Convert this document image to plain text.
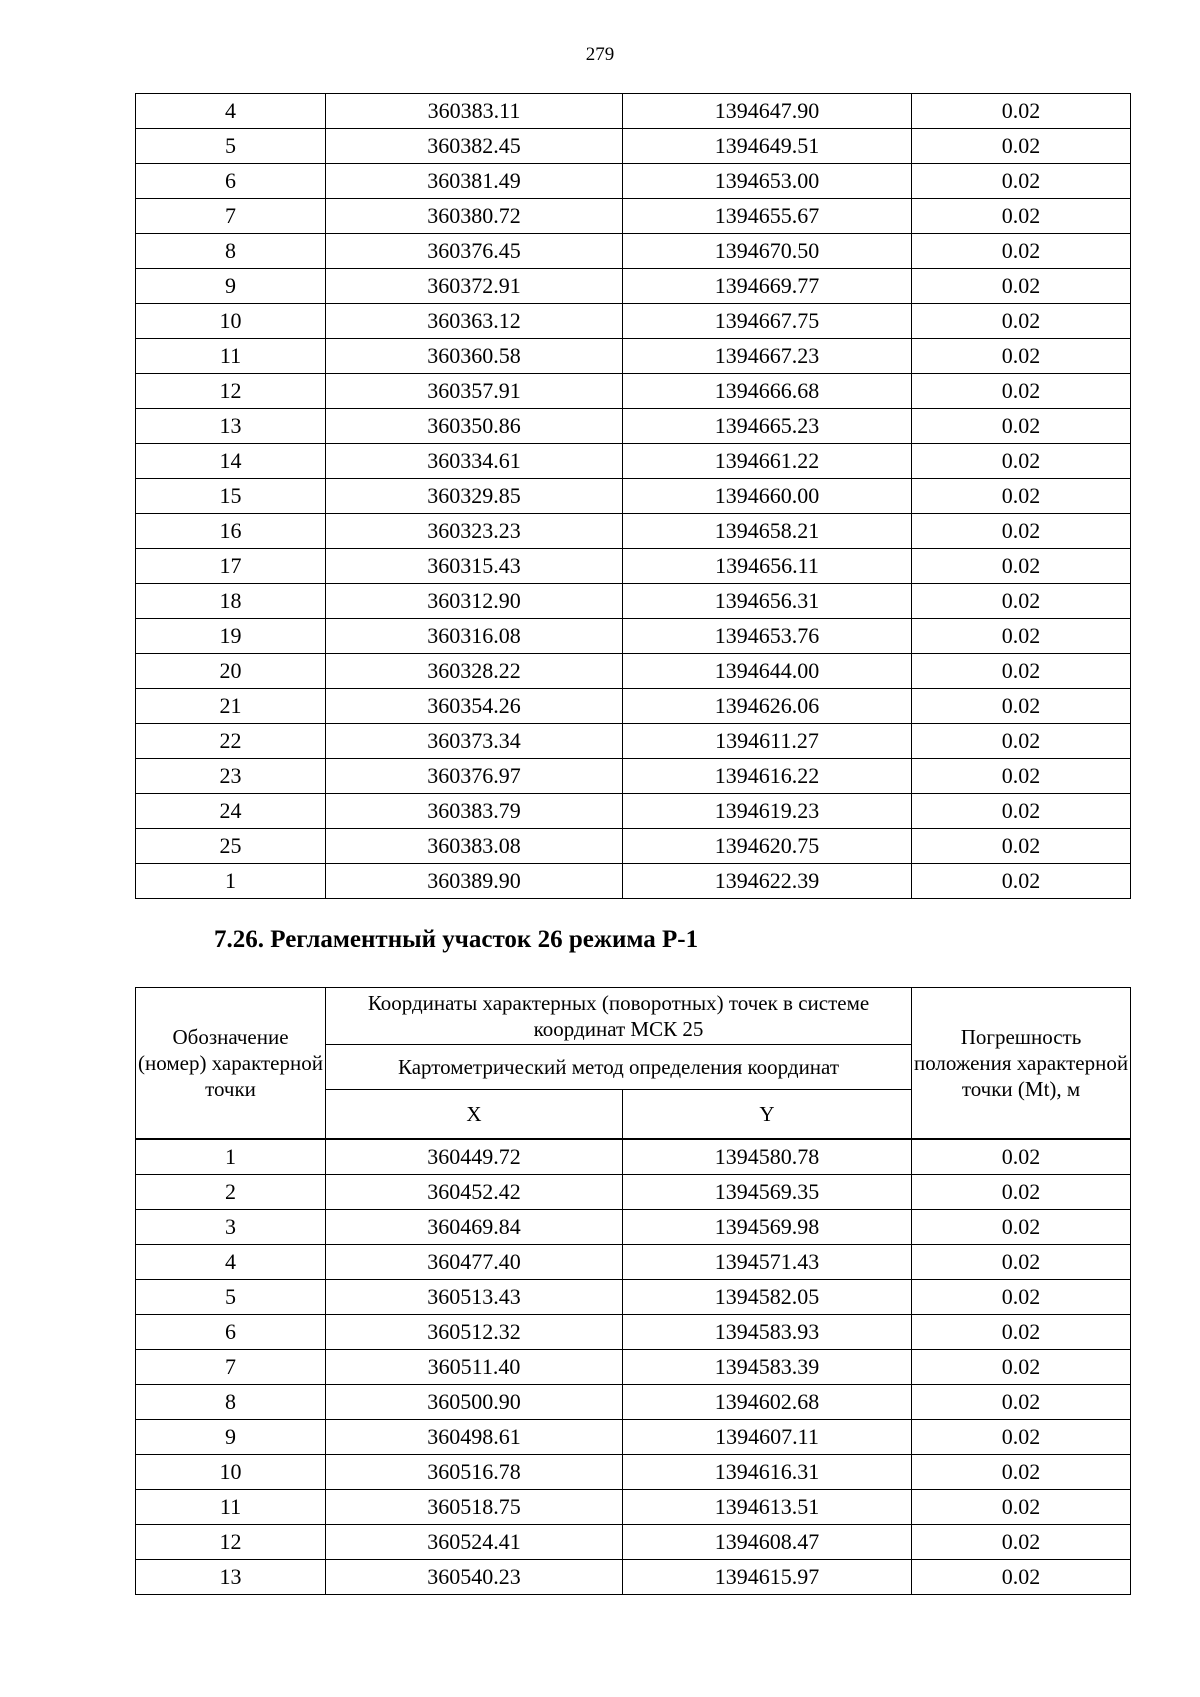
279
4	360383.11	1394647.90	0.02
5	360382.45	1394649.51	0.02
6	360381.49	1394653.00	0.02
7	360380.72	1394655.67	0.02
8	360376.45	1394670.50	0.02
9	360372.91	1394669.77	0.02
10	360363.12	1394667.75	0.02
11	360360.58	1394667.23	0.02
12	360357.91	1394666.68	0.02
13	360350.86	1394665.23	0.02
14	360334.61	1394661.22	0.02
15	360329.85	1394660.00	0.02
16	360323.23	1394658.21	0.02
17	360315.43	1394656.11	0.02
18	360312.90	1394656.31	0.02
19	360316.08	1394653.76	0.02
20	360328.22	1394644.00	0.02
21	360354.26	1394626.06	0.02
22	360373.34	1394611.27	0.02
23	360376.97	1394616.22	0.02
24	360383.79	1394619.23	0.02
25	360383.08	1394620.75	0.02
1	360389.90	1394622.39	0.02
7.26. Регламентный участок 26 режима Р-1
Обозначение (номер) характерной точки	Координаты характерных (поворотных) точек в системе координат МСК 25		Погрешность положения характерной точки (Mt), м
	Картометрический метод определения координат		
	X	Y	
1	360449.72	1394580.78	0.02
2	360452.42	1394569.35	0.02
3	360469.84	1394569.98	0.02
4	360477.40	1394571.43	0.02
5	360513.43	1394582.05	0.02
6	360512.32	1394583.93	0.02
7	360511.40	1394583.39	0.02
8	360500.90	1394602.68	0.02
9	360498.61	1394607.11	0.02
10	360516.78	1394616.31	0.02
11	360518.75	1394613.51	0.02
12	360524.41	1394608.47	0.02
13	360540.23	1394615.97	0.02
